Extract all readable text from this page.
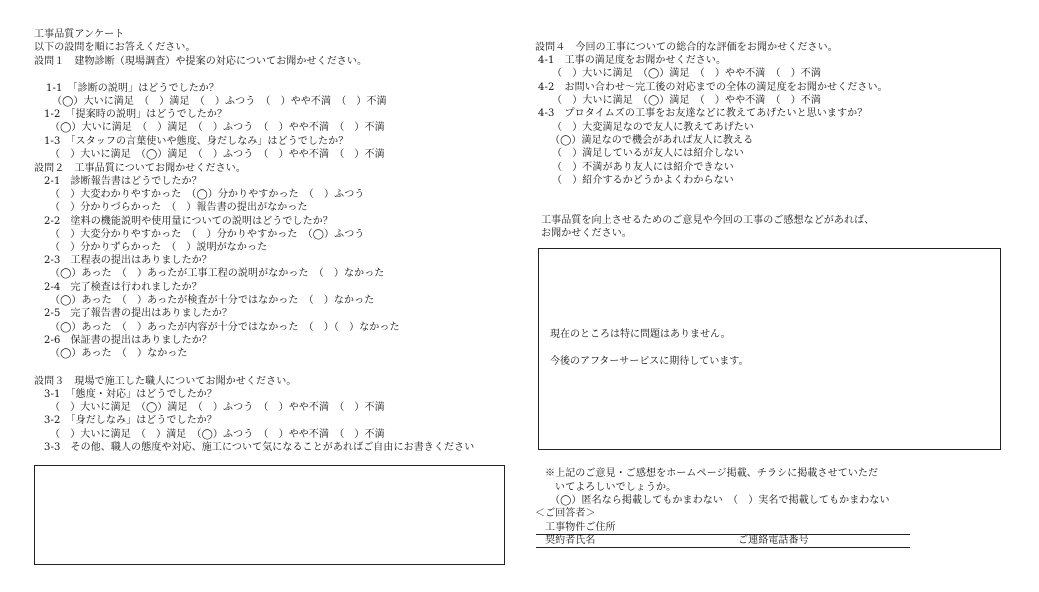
工事品質アンケート
以下の設問を順にお答えください。
設問１　建物診断（現場調査）や提案の対応についてお聞かせください。
1-1　「診断の説明」はどうでしたか？
（◯）大いに満足　（　）満足　（　）ふつう　（　）やや不満　（　）不満
1-2　「提案時の説明」はどうでしたか？
（◯）大いに満足　（　）満足　（　）ふつう　（　）やや不満　（　）不満
1-3　「スタッフの言葉使いや態度、身だしなみ」はどうでしたか？
（　）大いに満足　（◯）満足　（　）ふつう　（　）やや不満　（　）不満
設問２　工事品質についてお聞かせください。
2-1　診断報告書はどうでしたか？
（　）大変わかりやすかった　（◯）分かりやすかった　（　）ふつう
（　）分かりづらかった　（　）報告書の提出がなかった
2-2　塗料の機能説明や使用量についての説明はどうでしたか？
（　）大変分かりやすかった　（　）分かりやすかった　（◯）ふつう
（　）分かりずらかった　（　）説明がなかった
2-3　工程表の提出はありましたか？
（◯）あった　（　）あったが工事工程の説明がなかった　（　）なかった
2-4　完了検査は行われましたか？
（◯）あった　（　）あったが検査が十分ではなかった　（　）なかった
2-5　完了報告書の提出はありましたか？
（◯）あった　（　）あったが内容が十分ではなかった　（　）（　）なかった
2-6　保証書の提出はありましたか？
（◯）あった　（　）なかった
設問３　現場で施工した職人についてお聞かせください。
3-1　「態度・対応」はどうでしたか？
（　）大いに満足　（◯）満足　（　）ふつう　（　）やや不満　（　）不満
3-2　「身だしなみ」はどうでしたか？
（　）大いに満足　（　）満足　（◯）ふつう　（　）やや不満　（　）不満
3-3　その他、職人の態度や対応、施工について気になることがあればご自由にお書きください
設問４　今回の工事についての総合的な評価をお聞かせください。
4-1　工事の満足度をお聞かせください。
（　）大いに満足　（◯）満足　（　）やや不満　（　）不満
4-2　お問い合わせ～完工後の対応までの全体の満足度をお聞かせください。
（　）大いに満足　（◯）満足　（　）やや不満　（　）不満
4-3　プロタイムズの工事をお友達などに教えてあげたいと思いますか？
（　）大変満足なので友人に教えてあげたい
（◯）満足なので機会があれば友人に教える
（　）満足しているが友人には紹介しない
（　）不満があり友人には紹介できない
（　）紹介するかどうかよくわからない
工事品質を向上させるためのご意見や今回の工事のご感想などがあれば、
お聞かせください。
現在のところは特に問題はありません。
今後のアフターサービスに期待しています。
※上記のご意見・ご感想をホームページ掲載、チラシに掲載させていただ
いてよろしいでしょうか。
（◯）匿名なら掲載してもかまわない　（　）実名で掲載してもかまわない
＜ご回答者＞
工事物件ご住所
契約者氏名	ご連絡電話番号
